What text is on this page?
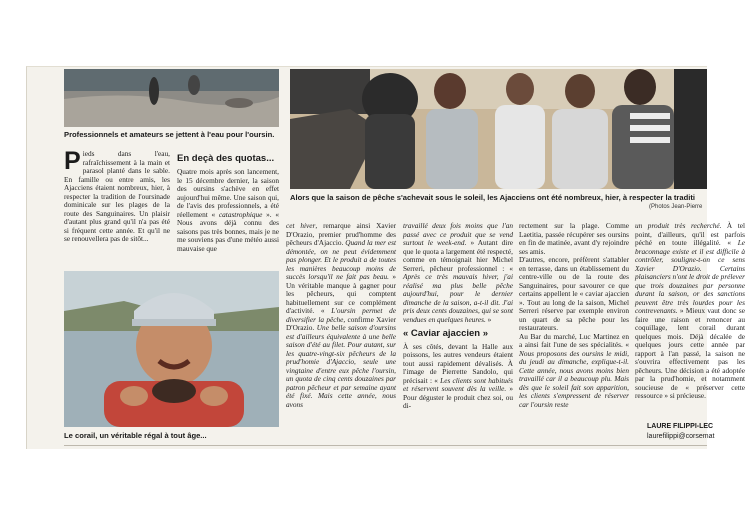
Professionnels et amateurs se jettent à l'eau pour l'oursin.
Alors que la saison de pêche s'achevait sous le soleil, les Ajacciens ont été nombreux, hier, à respecter la traditi
(Photos Jean-Pierre
Pieds dans l'eau, rafraîchissement à la main et parasol planté dans le sable. En famille ou entre amis, les Ajacciens étaient nombreux, hier, à respecter la tradition de l'oursinade dominicale sur les plages de la route des Sanguinaires. Un plaisir d'autant plus grand qu'il n'a pas été si fréquent cette année. Et qu'il ne se renouvellera pas de sitôt...
En deçà des quotas...
Quatre mois après son lancement, le 15 décembre dernier, la saison des oursins s'achève en effet aujourd'hui même. Une saison qui, de l'avis des professionnels, a été réellement « catastrophique ». « Nous avons déjà connu des saisons pas très bonnes, mais je ne me souviens pas d'une météo aussi mauvaise que
Le corail, un véritable régal à tout âge...
cet hiver, remarque ainsi Xavier D'Orazio, premier prud'homme des pêcheurs d'Ajaccio. Quand la mer est démontée, on ne peut évidemment pas plonger. Et le produit a de toutes les manières beaucoup moins de succès lorsqu'il ne fait pas beau. » Un véritable manque à gagner pour les pêcheurs, qui comptent habituellement sur ce complément d'activité. « L'oursin permet de diversifier la pêche, confirme Xavier D'Orazio. Une belle saison d'oursins est d'ailleurs équivalente à une belle saison d'été au filet. Pour autant, sur les quatre-vingt-six pêcheurs de la prud'homie d'Ajaccio, seule une vingtaine d'entre eux pêche l'oursin, un quota de cinq cents douzaines par patron pêcheur et par semaine ayant été fixé. Mais cette année, nous avons

travaillé deux fois moins que l'an passé avec ce produit que se vend surtout le week-end. » Autant dire que le quota a largement été respecté, comme en témoignait hier Michel Serreri, pêcheur professionnel : « Après ce très mauvais hiver, j'ai réalisé ma plus belle pêche aujourd'hui, pour le dernier dimanche de la saison, a-t-il dit. J'ai pris deux cents douzaines, qui se sont vendues en quelques heures. »

« Caviar ajaccien »

À ses côtés, devant la Halle aux poissons, les autres vendeurs étaient tout aussi rapidement dévalisés. À l'image de Pierrette Sandolo, qui précisait : « Les clients sont habitués et réservent souvent dès la veille. » Pour déguster le produit chez soi, ou di-

rectement sur la plage. Comme Laetitia, passée récupérer ses oursins en fin de matinée, avant d'y rejoindre ses amis.

D'autres, encore, préfèrent s'attabler en terrasse, dans un établissement du centre-ville ou de la route des Sanguinaires, pour savourer ce que certains appellent le « caviar ajaccien ». Tout au long de la saison, Michel Serreri réserve par exemple environ un quart de sa pêche pour les restaurateurs.

Au Bar du marché, Luc Martinez en a ainsi fait l'une de ses spécialités. « Nous proposons des oursins le midi, du jeudi au dimanche, explique-t-il. Cette année, nous avons moins bien travaillé car il a beaucoup plu. Mais dès que le soleil fait son apparition, les clients s'empressent de réserver car l'oursin reste

un produit très recherché. À tel point, d'ailleurs, qu'il est parfois péché en toute illégalité. « Le braconnage existe et il est difficile à contrôler, souligne-t-on ce sens Xavier D'Orazio. Certains plaisanciers n'ont le droit de prélever que trois douzaines par personne durant la saison, or des sanctions peuvent être très lourdes pour les contrevenants. » Mieux vaut donc se faire une raison et renoncer au coquillage, lent corail durant quelques mois. Déjà décalée de quelques jours cette année par rapport à l'an passé, la saison ne s'ouvrira effectivement pas les pêcheurs. Une décision a été adoptée par la prud'homie, et notamment soucieuse de « préserver cette ressource » si précieuse.
LAURE FILIPPI-LEC
laurefilippi@corsemat
